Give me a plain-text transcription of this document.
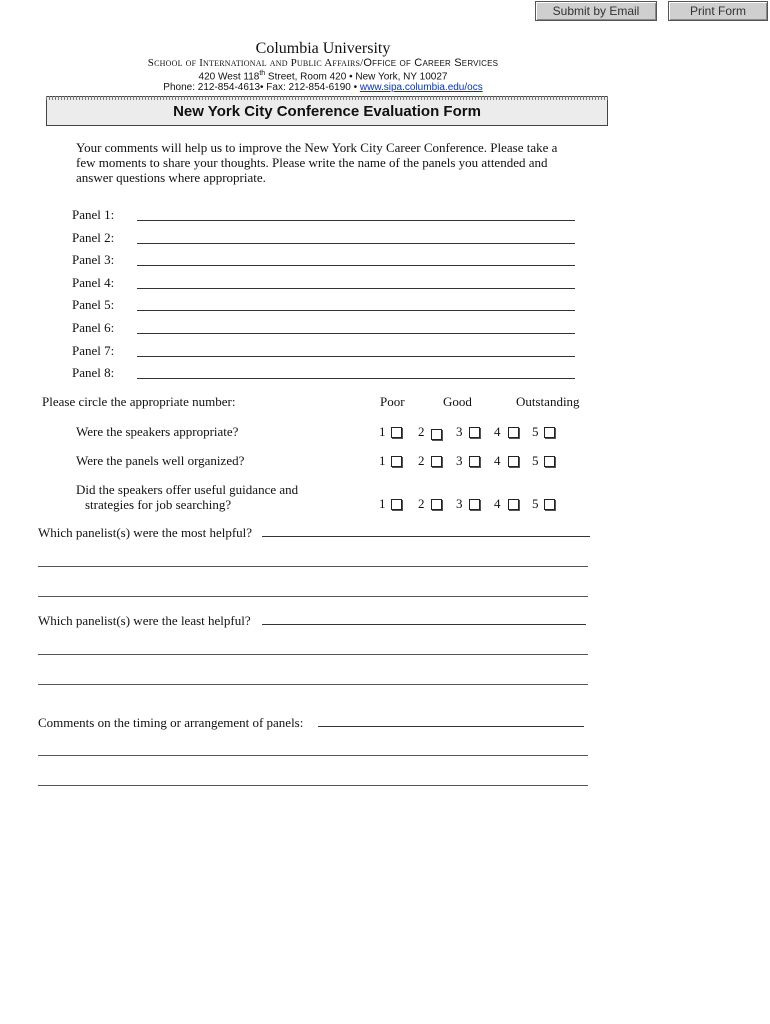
Submit by Email	Print Form
Columbia University
School of International and Public Affairs/Office of Career Services
420 West 118th Street, Room 420 • New York, NY 10027
Phone: 212-854-4613• Fax: 212-854-6190 • www.sipa.columbia.edu/ocs
New York City Conference Evaluation Form
Your comments will help us to improve the New York City Career Conference. Please take a few moments to share your thoughts. Please write the name of the panels you attended and answer questions where appropriate.
Panel 1:
Panel 2:
Panel 3:
Panel 4:
Panel 5:
Panel 6:
Panel 7:
Panel 8:
Please circle the appropriate number:	Poor	Good	Outstanding
Were the speakers appropriate?	1	2 3 4 5
Were the panels well organized?	1	2 3 4 5
Did the speakers offer useful guidance and
strategies for job searching?	1	2 3 4 5
Which panelist(s) were the most helpful?
Which panelist(s) were the least helpful?
Comments on the timing or arrangement of panels:
